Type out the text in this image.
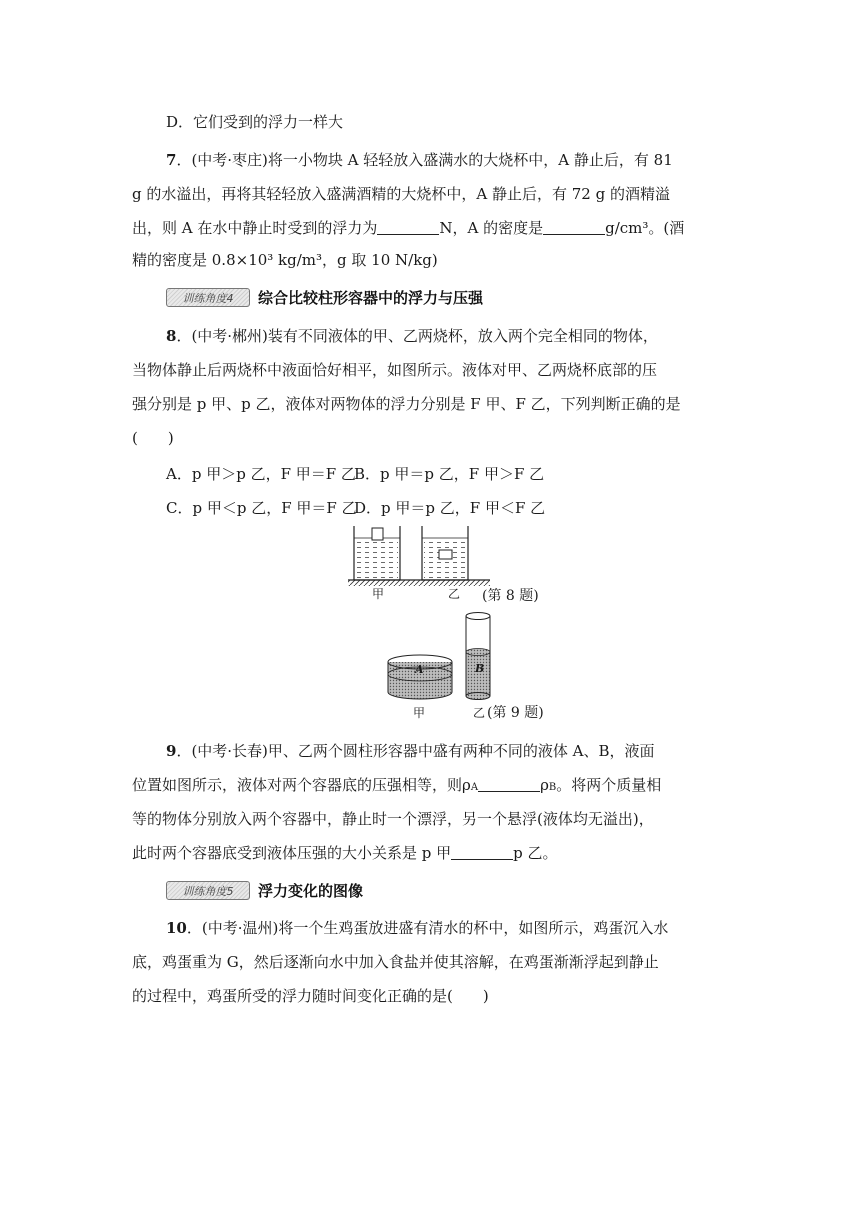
D．它们受到的浮力一样大
7．(中考·枣庄)将一小物块 A 轻轻放入盛满水的大烧杯中，A 静止后，有 81
g 的水溢出，再将其轻轻放入盛满酒精的大烧杯中，A 静止后，有 72 g 的酒精溢
出，则 A 在水中静止时受到的浮力为	N，A 的密度是	g/cm³。(酒
精的密度是 0.8×10³ kg/m³，g 取 10 N/kg)
训练角度4	综合比较柱形容器中的浮力与压强
8．(中考·郴州)装有不同液体的甲、乙两烧杯，放入两个完全相同的物体，
当物体静止后两烧杯中液面恰好相平，如图所示。液体对甲、乙两烧杯底部的压
强分别是 p 甲、p 乙，液体对两物体的浮力分别是 F 甲、F 乙，下列判断正确的是
(　　)
A．p 甲＞p 乙，F 甲＝F 乙
B．p 甲＝p 乙，F 甲＞F 乙
C．p 甲＜p 乙，F 甲＝F 乙
D．p 甲＝p 乙，F 甲＜F 乙
甲	乙 (第 8 题)
A	B
甲	乙 (第 9 题)
9．(中考·长春)甲、乙两个圆柱形容器中盛有两种不同的液体 A、B，液面
位置如图所示，液体对两个容器底的压强相等，则ρA	ρB。将两个质量相
等的物体分别放入两个容器中，静止时一个漂浮，另一个悬浮(液体均无溢出)，
此时两个容器底受到液体压强的大小关系是 p 甲	p 乙。
训练角度5	浮力变化的图像
10．(中考·温州)将一个生鸡蛋放进盛有清水的杯中，如图所示，鸡蛋沉入水
底，鸡蛋重为 G，然后逐渐向水中加入食盐并使其溶解，在鸡蛋渐渐浮起到静止
的过程中，鸡蛋所受的浮力随时间变化正确的是(　　)
